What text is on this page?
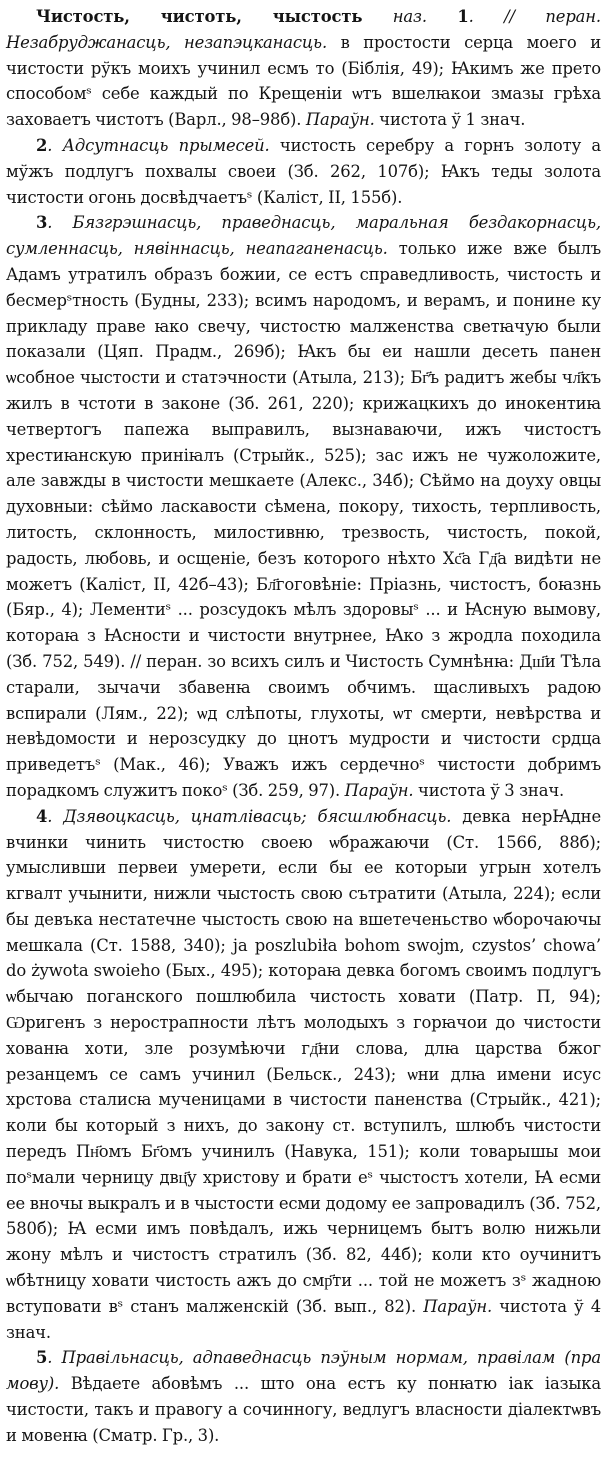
Чистость, чистоть, чыстость наз. 1. // перан. Незабруджанасць, незапэцканасць. в простости серца моего и чистости рўкъ моихъ учинил есмъ то (Біблія, 49); Ꙗкимъ же прето способомˢ себе каждый по Крещеніи ѡтъ вшелꙗкои змазы грѣха заховаетъ чистотъ (Варл., 98–98б). Параўн. чистота ў 1 знач.

2. Адсутнасць прымесей. чистость серебру а горнъ золоту а мўжъ подлугъ похвалы своеи (Зб. 262, 107б); Ꙗкъ теды золота чистости огонь досвѣдчаетъˢ (Каліст, II, 155б).

3. Бязгрэшнасць, праведнасць, маральная бездакорнасць, сумленнасць, нявіннасць, неапаганенасць. только иже вже былъ Адамъ утратилъ образъ божии, се естъ справедливость, чистость и бесмерˢтность (Будны, 233); всимъ народомъ, и верамъ, и понине ку прикладу праве ꙗко свечу, чистостю малженства светꙗчую были показали (Цяп. Прадм., 269б); Ꙗкъ бы еи нашли десеть панен ѡсобное чыстости и статэчности (Атыла, 213); Бг҃ъ радитъ жебы чл҃къ жилъ в чстоти в законе (Зб. 261, 220); крижацкихъ до инокентиꙗ четвертогъ папежа выправилъ, вызнаваючи, ижъ чистостъ хрестиꙗнскую приніꙗлъ (Стрыйк., 525); зас ижъ не чужоложите, але завжды в чистости мешкаете (Алекс., 34б); Сѣймо на доуху овцы духовныи: сѣймо ласкавости сѣмена, покору, тихость, терпливость, литость, склонность, милостивню, трезвость, чистость, покой, радость, любовь, и осщеніе, безъ которого нѣхто Хс҃а Гд҃а видѣти не можетъ (Каліст, II, 42б–43); Бл҃гоговѣніе: Пріазнь, чистостъ, боꙗзнь (Бяр., 4); Лементиˢ ... розсудокъ мѣлъ здоровыˢ ... и Ꙗсную вымову, котораꙗ з Ꙗсности и чистости внутрнее, Ꙗко з жродла походила (Зб. 752, 549). // перан. зо всихъ силъ и Чистость Сумнѣнꙗ: Дш҃и Тѣла старали, зычачи збавенꙗ своимъ обчимъ. щасливыхъ радою вспирали (Лям., 22); ѡд слѣпоты, глухоты, ѡт смерти, невѣрства и невѣдомости и нерозсудку до цнотъ мудрости и чистости срдца приведетъˢ (Мак., 46); Уважъ ижъ сердечноˢ чистости добримъ порадкомъ служитъ покоˢ (Зб. 259, 97). Параўн. чистота ў 3 знач.

4. Дзявоцкасць, цнатлівасць; бясшлюбнасць. девка нерꙖдне вчинки чинить чистостю своею ѡбражаючи (Ст. 1566, 88б); умысливши первеи умерети, если бы ее которыи угрын хотелъ кгвалт учынити, нижли чыстость свою сътратити (Атыла, 224); если бы девъка нестатечне чыстость свою на вшетеченьство ѡборочаючы мешкала (Ст. 1588, 340); ja poszlubiła bohom swojm, czystos’ chowa’ do żywota swoieho (Бых., 495); котораꙗ девка богомъ своимъ подлугъ ѡбычаю поганского пошлюбила чистость ховати (Патр. П, 94); Ѡригенъ з нерострапности лѣтъ молодыхъ з горꙗчои до чистости хованꙗ хоти, зле розумѣючи гд҃ни слова, длꙗ царства бжог резанцемъ се самъ учинил (Бельск., 243); ѡни длꙗ имени исус хрстова сталисꙗ мученицами в чистости паненства (Стрыйк., 421); коли бы который з нихъ, до закону ст. вступилъ, шлюбъ чистости передъ Пн҃омъ Бг҃омъ учинилъ (Навука, 151); коли товарышы мои поˢмали черницу двц҃у христову и брати еˢ чыстостъ хотели, Ꙗ есми ее вночы выкралъ и в чыстости есми додому ее запровадилъ (Зб. 752, 580б); Ꙗ есми имъ повѣдалъ, ижь черницемъ бытъ волю нижьли жону мѣлъ и чистостъ стратилъ (Зб. 82, 44б); коли кто оучинитъ ѡбѣтницу ховати чистость ажъ до смр҃ти ... той не можетъ зˢ жадною вступовати вˢ станъ малженскій (Зб. вып., 82). Параўн. чистота ў 4 знач.

5. Правільнасць, адпаведнасць пэўным нормам, правілам (пра мову). Вѣдаете абовѣмъ ... што она естъ ку понꙗтю іак іазыка чистости, такъ и правогу а сочинногу, ведлугъ власности діалектѡвъ и мовенꙗ (Сматр. Гр., 3).
